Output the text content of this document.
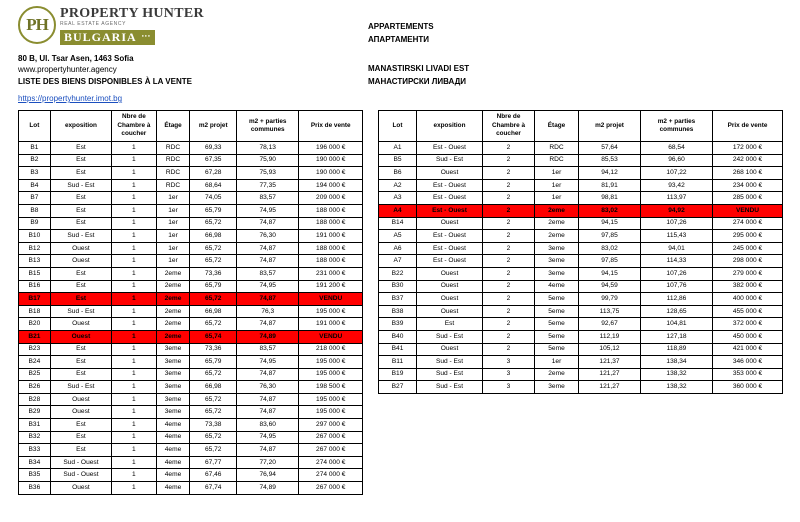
PH
PROPERTY HUNTER
REAL ESTATE AGENCY
BULGARIA •••
80 B, Ul. Tsar Asen, 1463 Sofia
www.propertyhunter.agency
LISTE DES BIENS DISPONIBLES À LA VENTE
https://propertyhunter.imot.bg
APPARTEMENTS
АПАРТАМЕНТИ
MANASTIRSKI LIVADI EST
МАНАСТИРСКИ ЛИВАДИ
Lot	exposition	Nbre de Chambre à coucher	Étage	m2 projet	m2 + parties communes	Prix de vente
B1	Est	1	RDC	69,33	78,13	196 000 €
B2	Est	1	RDC	67,35	75,90	190 000 €
B3	Est	1	RDC	67,28	75,93	190 000 €
B4	Sud - Est	1	RDC	68,64	77,35	194 000 €
B7	Est	1	1er	74,05	83,57	209 000 €
B8	Est	1	1er	65,79	74,95	188 000 €
B9	Est	1	1er	65,72	74,87	188 000 €
B10	Sud - Est	1	1er	66,98	76,30	191 000 €
B12	Ouest	1	1er	65,72	74,87	188 000 €
B13	Ouest	1	1er	65,72	74,87	188 000 €
B15	Est	1	2eme	73,36	83,57	231 000 €
B16	Est	1	2eme	65,79	74,95	191 200 €
B17	Est	1	2eme	65,72	74,87	VENDU
B18	Sud - Est	1	2eme	66,98	76,3	195 000 €
B20	Ouest	1	2eme	65,72	74,87	191 000 €
B21	Ouest	1	2eme	65,74	74,89	VENDU
B23	Est	1	3eme	73,36	83,57	218 000 €
B24	Est	1	3eme	65,79	74,95	195 000 €
B25	Est	1	3eme	65,72	74,87	195 000 €
B26	Sud - Est	1	3eme	66,98	76,30	198 500 €
B28	Ouest	1	3eme	65,72	74,87	195 000 €
B29	Ouest	1	3eme	65,72	74,87	195 000 €
B31	Est	1	4eme	73,38	83,60	297 000 €
B32	Est	1	4eme	65,72	74,95	267 000 €
B33	Est	1	4eme	65,72	74,87	267 000 €
B34	Sud - Ouest	1	4eme	67,77	77,20	274 000 €
B35	Sud - Ouest	1	4eme	67,46	76,94	274 000 €
B36	Ouest	1	4eme	67,74	74,89	267 000 €
Lot	exposition	Nbre de Chambre à coucher	Étage	m2 projet	m2 + parties communes	Prix de vente
A1	Est - Ouest	2	RDC	57,64	68,54	172 000 €
B5	Sud - Est	2	RDC	85,53	96,60	242 000 €
B6	Ouest	2	1er	94,12	107,22	268 100 €
A2	Est - Ouest	2	1er	81,91	93,42	234 000 €
A3	Est - Ouest	2	1er	98,81	113,97	285 000 €
A4	Est - Ouest	2	2eme	83,02	94,92	VENDU
B14	Ouest	2	2eme	94,15	107,26	274 000 €
A5	Est - Ouest	2	2eme	97,85	115,43	295 000 €
A6	Est - Ouest	2	3eme	83,02	94,01	245 000 €
A7	Est - Ouest	2	3eme	97,85	114,33	298 000 €
B22	Ouest	2	3eme	94,15	107,26	279 000 €
B30	Ouest	2	4eme	94,59	107,76	382 000 €
B37	Ouest	2	5eme	99,79	112,86	400 000 €
B38	Ouest	2	5eme	113,75	128,65	455 000 €
B39	Est	2	5eme	92,67	104,81	372 000 €
B40	Sud - Est	2	5eme	112,19	127,18	450 000 €
B41	Ouest	2	5eme	105,12	118,89	421 000 €
B11	Sud - Est	3	1er	121,37	138,34	346 000 €
B19	Sud - Est	3	2eme	121,27	138,32	353 000 €
B27	Sud - Est	3	3eme	121,27	138,32	360 000 €
